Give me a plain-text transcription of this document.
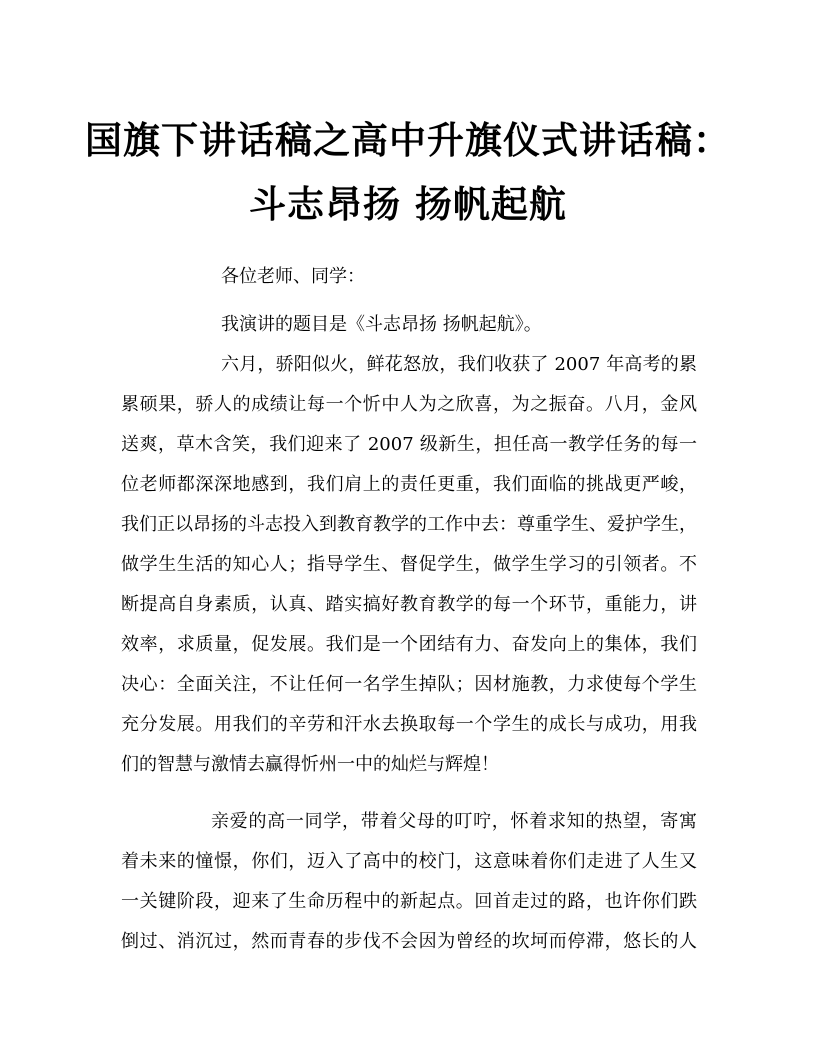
国旗下讲话稿之高中升旗仪式讲话稿：
斗志昂扬 扬帆起航
各位老师、同学：
我演讲的题目是《斗志昂扬 扬帆起航》。
六月，骄阳似火，鲜花怒放，我们收获了 2007 年高考的累
累硕果，骄人的成绩让每一个忻中人为之欣喜，为之振奋。八月，金风
送爽，草木含笑，我们迎来了 2007 级新生，担任高一教学任务的每一
位老师都深深地感到，我们肩上的责任更重，我们面临的挑战更严峻，
我们正以昂扬的斗志投入到教育教学的工作中去：尊重学生、爱护学生，
做学生生活的知心人；指导学生、督促学生，做学生学习的引领者。不
断提高自身素质，认真、踏实搞好教育教学的每一个环节，重能力，讲
效率，求质量，促发展。我们是一个团结有力、奋发向上的集体，我们
决心：全面关注，不让任何一名学生掉队；因材施教，力求使每个学生
充分发展。用我们的辛劳和汗水去换取每一个学生的成长与成功，用我
们的智慧与激情去赢得忻州一中的灿烂与辉煌！
亲爱的高一同学，带着父母的叮咛，怀着求知的热望，寄寓
着未来的憧憬，你们，迈入了高中的校门，这意味着你们走进了人生又
一关键阶段，迎来了生命历程中的新起点。回首走过的路，也许你们跌
倒过、消沉过，然而青春的步伐不会因为曾经的坎坷而停滞，悠长的人
